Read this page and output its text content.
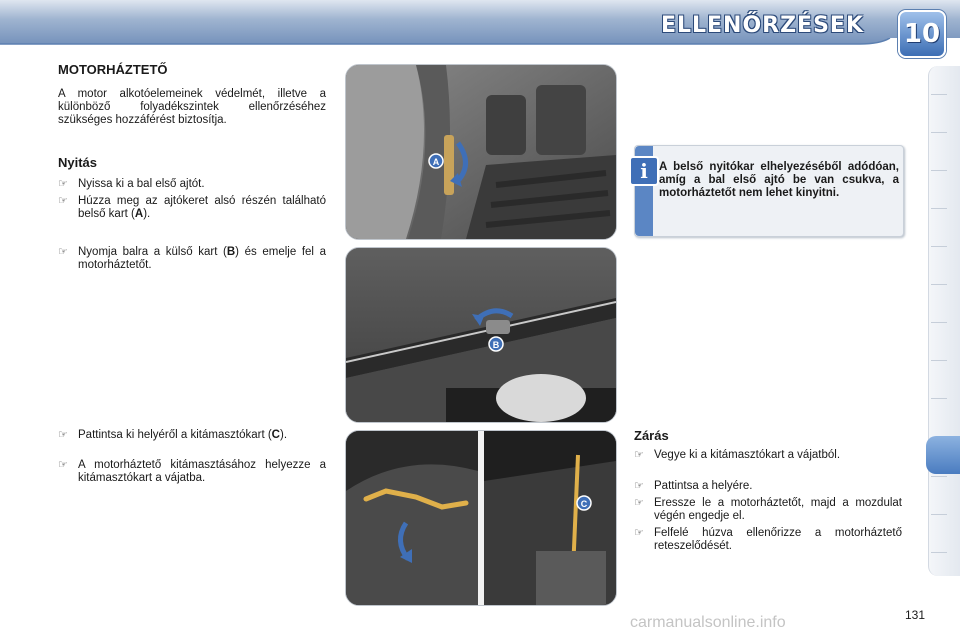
ELLENŐRZÉSEK 10
MOTORHÁZTETŐ
A motor alkotóelemeinek védelmét, illetve a különböző folyadékszintek ellenőrzéséhez szükséges hozzáférést biztosítja.
Nyitás
☞ Nyissa ki a bal első ajtót.
☞ Húzza meg az ajtókeret alsó részén található belső kart (A).
☞ Nyomja balra a külső kart (B) és emelje fel a motorháztetőt.
☞ Pattintsa ki helyéről a kitámasztókart (C).
☞ A motorháztető kitámasztásához helyezze a kitámasztókart a vájatba.
A
B
C
i A belső nyitókar elhelyezéséből adódóan, amíg a bal első ajtó be van csukva, a motorháztetőt nem lehet kinyitni.
Zárás
☞ Vegye ki a kitámasztókart a vájatból.
☞ Pattintsa a helyére.
☞ Eressze le a motorháztetőt, majd a mozdulat végén engedje el.
☞ Felfelé húzva ellenőrizze a motorháztető reteszelődését.
carmanualsonline.info	131
